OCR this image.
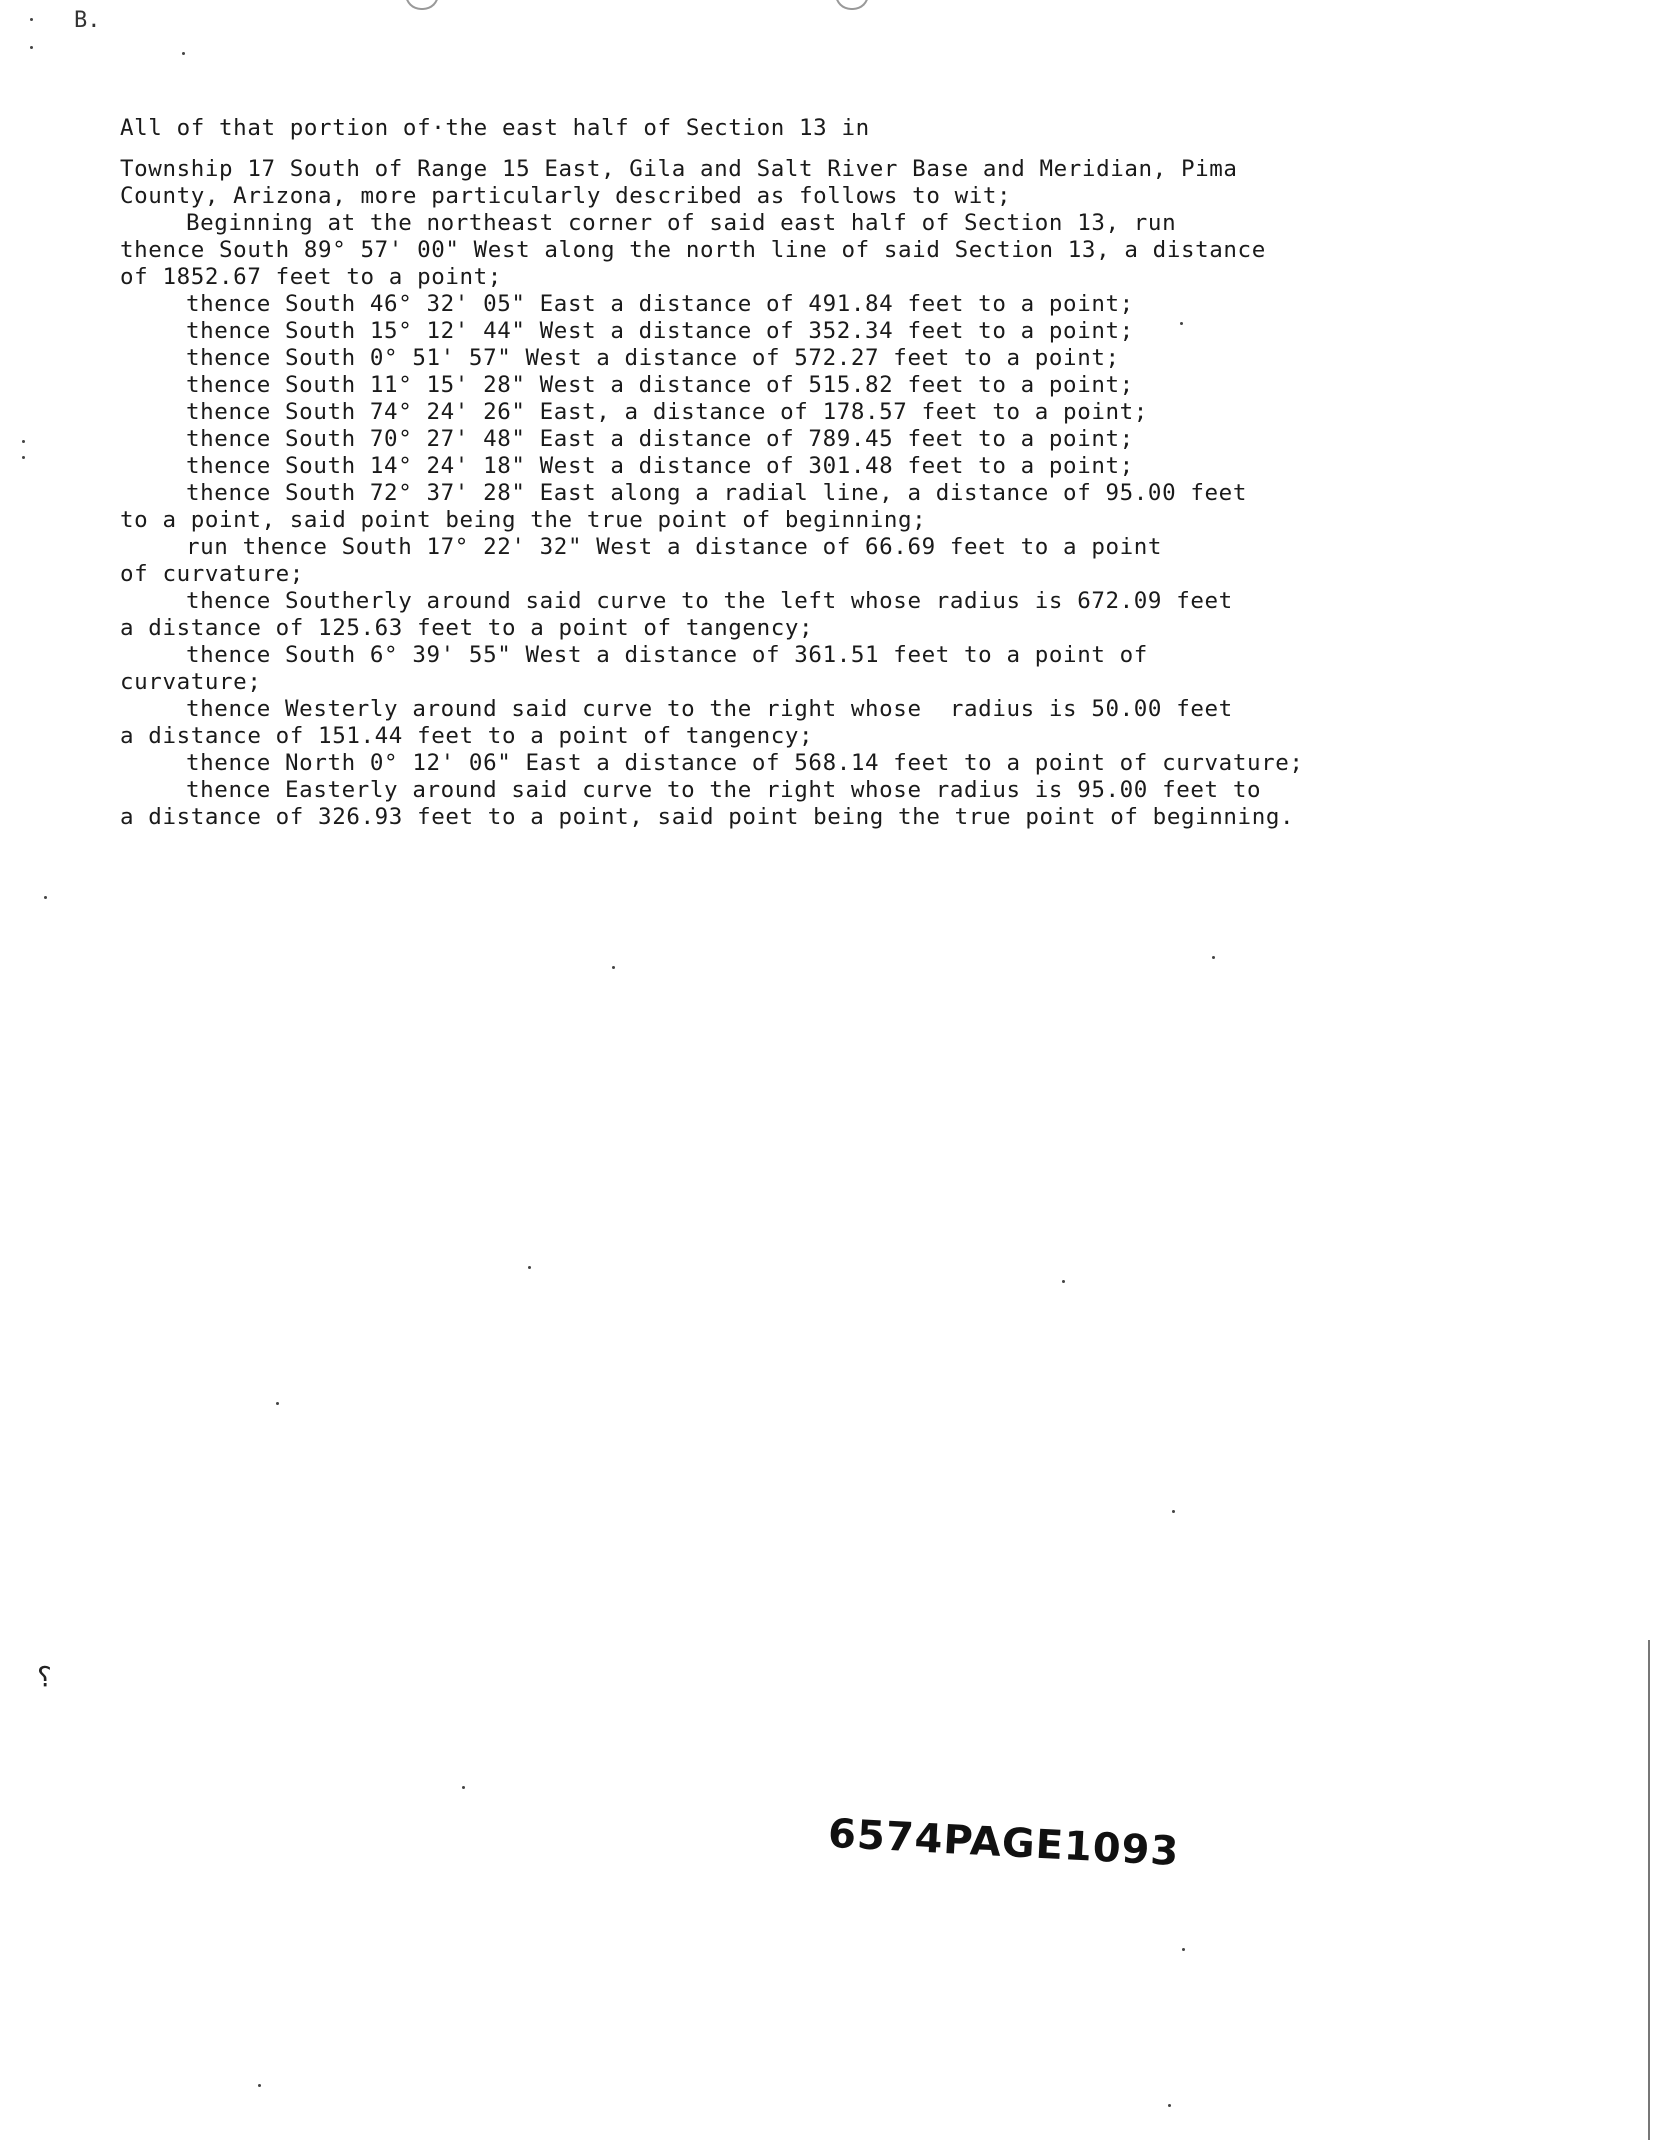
B.
All of that portion of·the east half of Section 13 in
Township 17 South of Range 15 East, Gila and Salt River Base and Meridian, Pima
County, Arizona, more particularly described as follows to wit;
Beginning at the northeast corner of said east half of Section 13, run
thence South 89° 57' 00" West along the north line of said Section 13, a distance
of 1852.67 feet to a point;
thence South 46° 32' 05" East a distance of 491.84 feet to a point;
thence South 15° 12' 44" West a distance of 352.34 feet to a point;
thence South 0° 51' 57" West a distance of 572.27 feet to a point;
thence South 11° 15' 28" West a distance of 515.82 feet to a point;
thence South 74° 24' 26" East, a distance of 178.57 feet to a point;
thence South 70° 27' 48" East a distance of 789.45 feet to a point;
thence South 14° 24' 18" West a distance of 301.48 feet to a point;
thence South 72° 37' 28" East along a radial line, a distance of 95.00 feet
to a point, said point being the true point of beginning;
run thence South 17° 22' 32" West a distance of 66.69 feet to a point
of curvature;
thence Southerly around said curve to the left whose radius is 672.09 feet
a distance of 125.63 feet to a point of tangency;
thence South 6° 39' 55" West a distance of 361.51 feet to a point of
curvature;
thence Westerly around said curve to the right whose  radius is 50.00 feet
a distance of 151.44 feet to a point of tangency;
thence North 0° 12' 06" East a distance of 568.14 feet to a point of curvature;
thence Easterly around said curve to the right whose radius is 95.00 feet to
a distance of 326.93 feet to a point, said point being the true point of beginning.
6574PAGE1093
⸮
